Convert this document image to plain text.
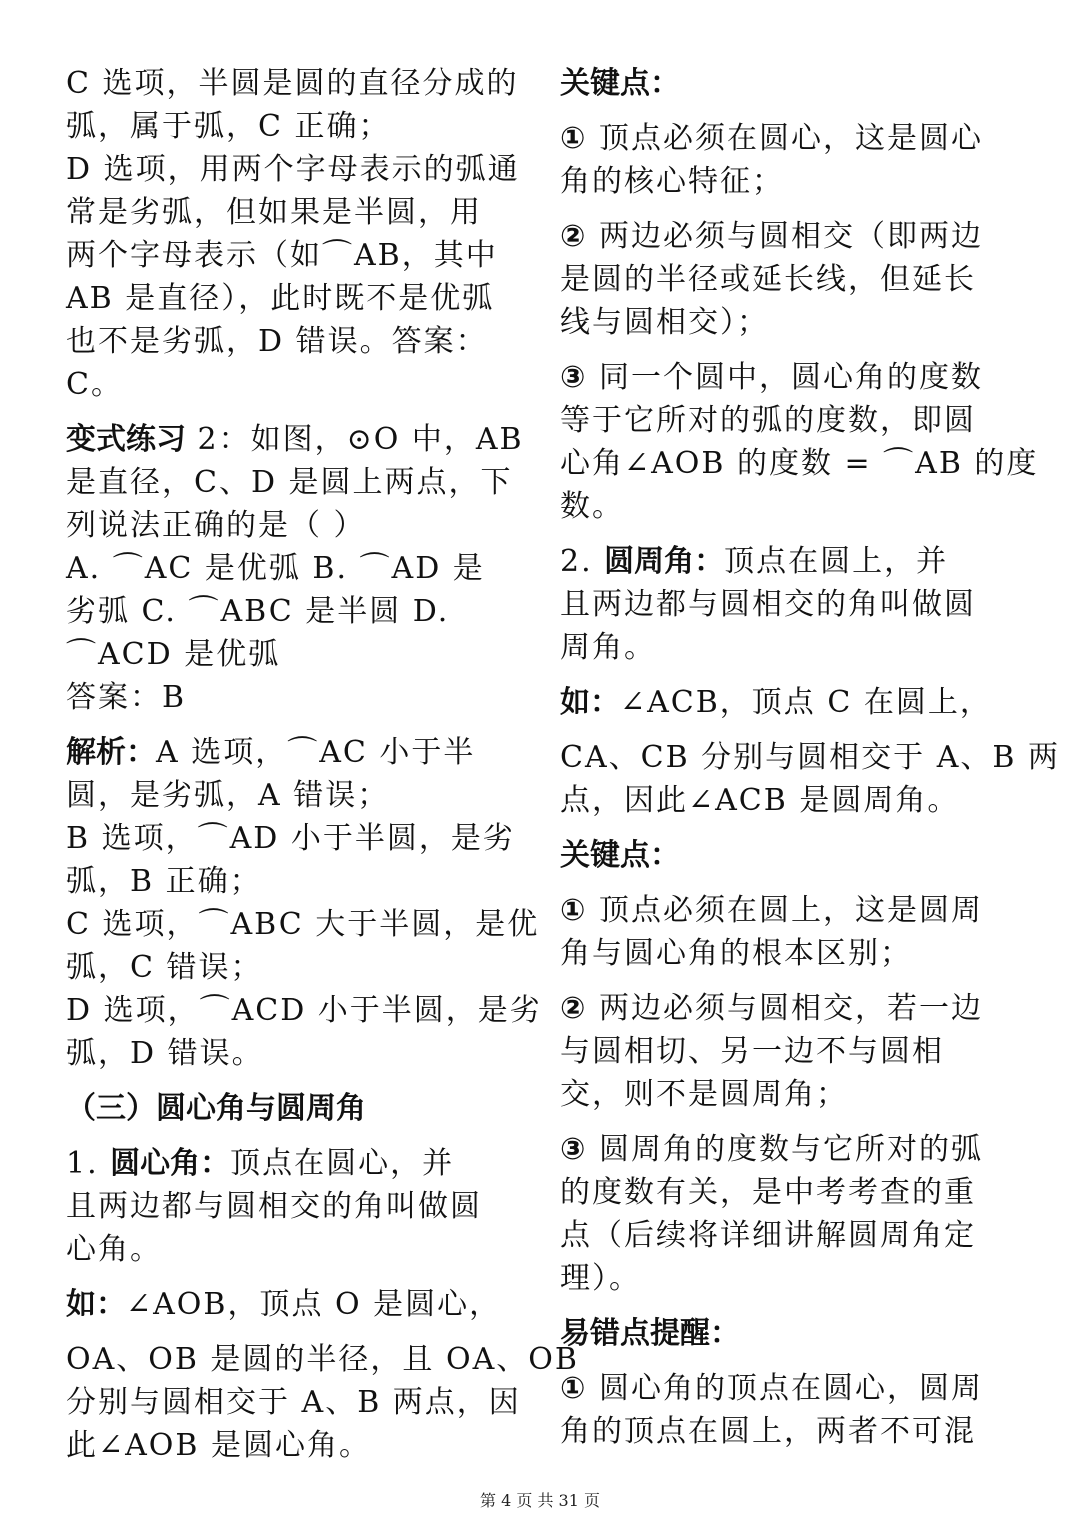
C 选项，半圆是圆的直径分成的
弧，属于弧，C 正确；
D 选项，用两个字母表示的弧通
常是劣弧，但如果是半圆，用
两个字母表示（如⌒AB，其中
AB 是直径），此时既不是优弧
也不是劣弧，D 错误。答案：
C。
变式练习 2：如图，⊙O 中，AB
是直径，C、D 是圆上两点，下
列说法正确的是（ ）
A. ⌒AC 是优弧 B. ⌒AD 是
劣弧 C. ⌒ABC 是半圆 D.
⌒ACD 是优弧
答案：B
解析：A 选项，⌒AC 小于半
圆，是劣弧，A 错误；
B 选项，⌒AD 小于半圆，是劣
弧，B 正确；
C 选项，⌒ABC 大于半圆，是优
弧，C 错误；
D 选项，⌒ACD 小于半圆，是劣
弧，D 错误。
（三）圆心角与圆周角
1. 圆心角：顶点在圆心，并
且两边都与圆相交的角叫做圆
心角。
如：∠AOB，顶点 O 是圆心，
OA、OB 是圆的半径，且 OA、OB
分别与圆相交于 A、B 两点，因
此∠AOB 是圆心角。
关键点：
① 顶点必须在圆心，这是圆心
角的核心特征；
② 两边必须与圆相交（即两边
是圆的半径或延长线，但延长
线与圆相交）；
③ 同一个圆中，圆心角的度数
等于它所对的弧的度数，即圆
心角∠AOB 的度数 = ⌒AB 的度
数。
2. 圆周角：顶点在圆上，并
且两边都与圆相交的角叫做圆
周角。
如：∠ACB，顶点 C 在圆上，
CA、CB 分别与圆相交于 A、B 两
点，因此∠ACB 是圆周角。
关键点：
① 顶点必须在圆上，这是圆周
角与圆心角的根本区别；
② 两边必须与圆相交，若一边
与圆相切、另一边不与圆相
交，则不是圆周角；
③ 圆周角的度数与它所对的弧
的度数有关，是中考考查的重
点（后续将详细讲解圆周角定
理）。
易错点提醒：
① 圆心角的顶点在圆心，圆周
角的顶点在圆上，两者不可混
第 4 页 共 31 页
